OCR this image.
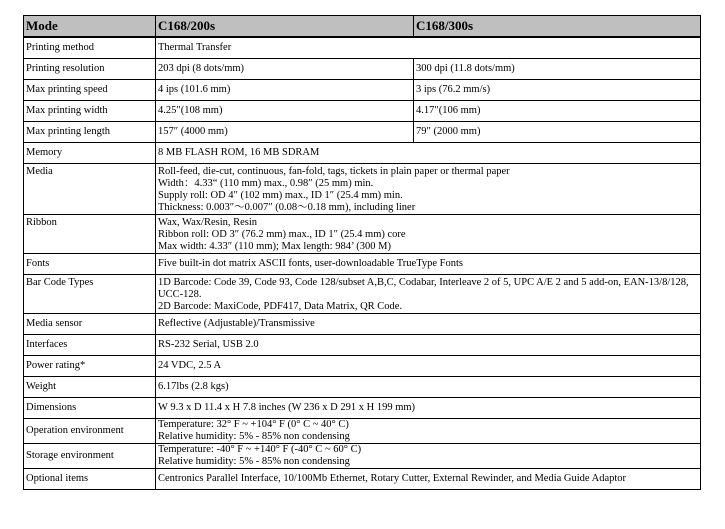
Mode	C168/200s	C168/300s
Printing method	Thermal Transfer	
Printing resolution	203 dpi (8 dots/mm)	300 dpi (11.8 dots/mm)
Max printing speed	4 ips (101.6 mm)	3 ips (76.2 mm/s)
Max printing width	4.25″(108 mm)	4.17″(106 mm)
Max printing length	157″ (4000 mm)	79″ (2000 mm)
Memory	8 MB FLASH ROM, 16 MB SDRAM	
Media	Roll-feed, die-cut, continuous, fan-fold, tags, tickets in plain paper or thermal paper
Width：4.33“ (110 mm) max., 0.98″ (25 mm) min.
Supply roll: OD 4″ (102 mm) max., ID 1″ (25.4 mm) min.
Thickness: 0.003″～0.007″ (0.08～0.18 mm), including liner	

Ribbon	Wax, Wax/Resin, Resin
Ribbon roll: OD 3″ (76.2 mm) max., ID 1″ (25.4 mm) core
Max width: 4.33″ (110 mm); Max length: 984’ (300 M)	

Fonts	Five built-in dot matrix ASCII fonts, user-downloadable TrueType Fonts	
Bar Code Types	1D Barcode: Code 39, Code 93, Code 128/subset A,B,C, Codabar, Interleave 2 of 5, UPC A/E 2 and 5 add-on, EAN-13/8/128, UCC-128.
2D Barcode: MaxiCode, PDF417, Data Matrix, QR Code.	

Media sensor	Reflective (Adjustable)/Transmissive	
Interfaces	RS-232 Serial, USB 2.0	
Power rating*	24 VDC, 2.5 A	
Weight	6.17lbs (2.8 kgs)	
Dimensions	W 9.3 x D 11.4 x H 7.8 inches (W 236 x D 291 x H 199 mm)	
Operation environment	Temperature: 32° F ~ +104° F (0° C ~ 40° C)
Relative humidity: 5% - 85% non condensing	

Storage environment	Temperature: -40° F ~ +140° F (-40° C ~ 60° C)
Relative humidity: 5% - 85% non condensing	

Optional items	Centronics Parallel Interface, 10/100Mb Ethernet, Rotary Cutter, External Rewinder, and Media Guide Adaptor	
